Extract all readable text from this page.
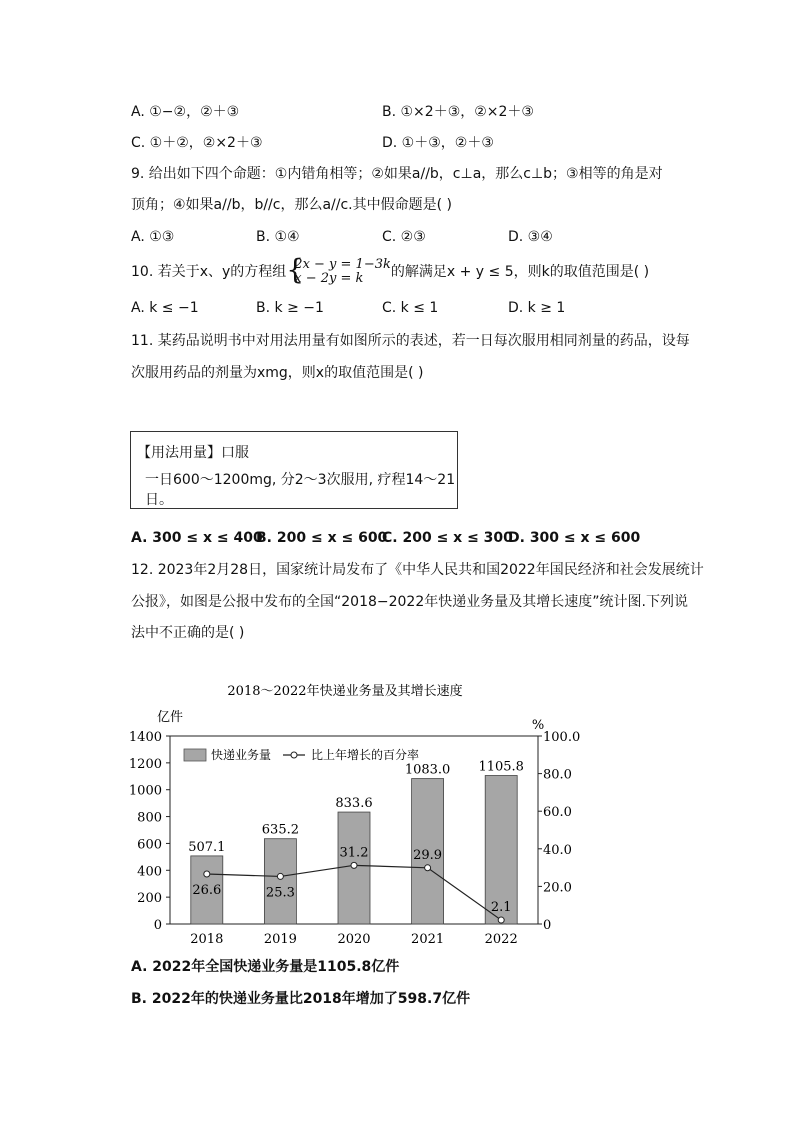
A. ①−②，②＋③	B. ①×2＋③，②×2＋③
C. ①＋②，②×2＋③	D. ①＋③，②＋③
9. 给出如下四个命题：①内错角相等；②如果a//b，c⊥a，那么c⊥b；③相等的角是对
顶角；④如果a//b，b//c，那么a//c.其中假命题是( )
A. ①③	B. ①④	C. ②③	D. ③④
10. 若关于x、y的方程组 {
2x − y = 1−3k
x − 2y = k	的解满足x + y ≤ 5，则k的取值范围是( )
A. k ≤ −1	B. k ≥ −1	C. k ≤ 1	D. k ≥ 1
11. 某药品说明书中对用法用量有如图所示的表述，若一日每次服用相同剂量的药品，设每
次服用药品的剂量为xmg，则x的取值范围是( )
【用法用量】口服
一日600～1200mg, 分2～3次服用, 疗程14～21日。
A. 300 ≤ x ≤ 400
B. 200 ≤ x ≤ 600
C. 200 ≤ x ≤ 300
D. 300 ≤ x ≤ 600
12. 2023年2月28日，国家统计局发布了《中华人民共和国2022年国民经济和社会发展统计
公报》，如图是公报中发布的全国“2018−2022年快递业务量及其增长速度”统计图.下列说
法中不正确的是( )
2018～2022年快递业务量及其增长速度
亿件
%
0
200
400
600
800
1000
1200
1400
0
20.0
40.0
60.0
80.0
100.0
507.1
2018
635.2
2019
833.6
2020
1083.0
2021
1105.8
2022
26.6	25.3
31.2	29.9
2.1
快递业务量	比上年增长的百分率
A. 2022年全国快递业务量是1105.8亿件
B. 2022年的快递业务量比2018年增加了598.7亿件
